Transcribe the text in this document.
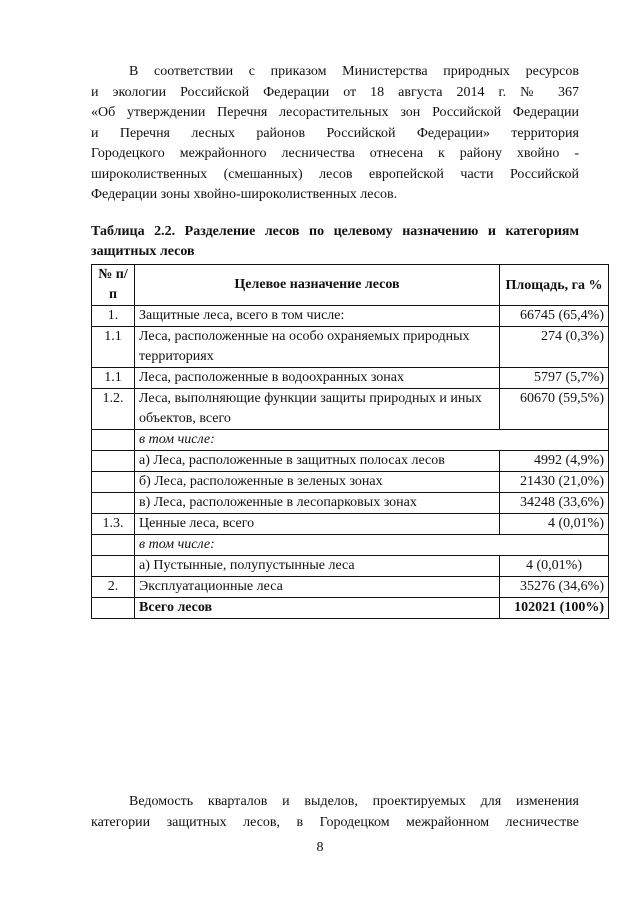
В соответствии с приказом Министерства природных ресурсов
и экологии Российской Федерации от 18 августа 2014 г. № 367
«Об утверждении Перечня лесорастительных зон Российской Федерации
и Перечня лесных районов Российской Федерации» территория
Городецкого межрайонного лесничества отнесена к району хвойно -
широколиственных (смешанных) лесов европейской части Российской
Федерации зоны хвойно-широколиственных лесов.
Таблица 2.2. Разделение лесов по целевому назначению и категориям
защитных лесов
№ п/п	Целевое назначение лесов	Площадь, га %
1.	Защитные леса, всего в том числе:	66745 (65,4%)
1.1	Леса, расположенные на особо охраняемых природных территориях	274 (0,3%)
1.1	Леса, расположенные в водоохранных зонах	5797 (5,7%)
1.2.	Леса, выполняющие функции защиты природных и иных объектов, всего	60670 (59,5%)
	в том числе:	
	а) Леса, расположенные в защитных полосах лесов	4992 (4,9%)
	б) Леса, расположенные в зеленых зонах	21430 (21,0%)
	в) Леса, расположенные в лесопарковых зонах	34248 (33,6%)
1.3.	Ценные леса, всего	4 (0,01%)
	в том числе:	
	а) Пустынные, полупустынные леса	4 (0,01%)
2.	Эксплуатационные леса	35276 (34,6%)
	Всего лесов	102021 (100%)
Ведомость кварталов и выделов, проектируемых для изменения
категории защитных лесов, в Городецком межрайонном лесничестве
8
